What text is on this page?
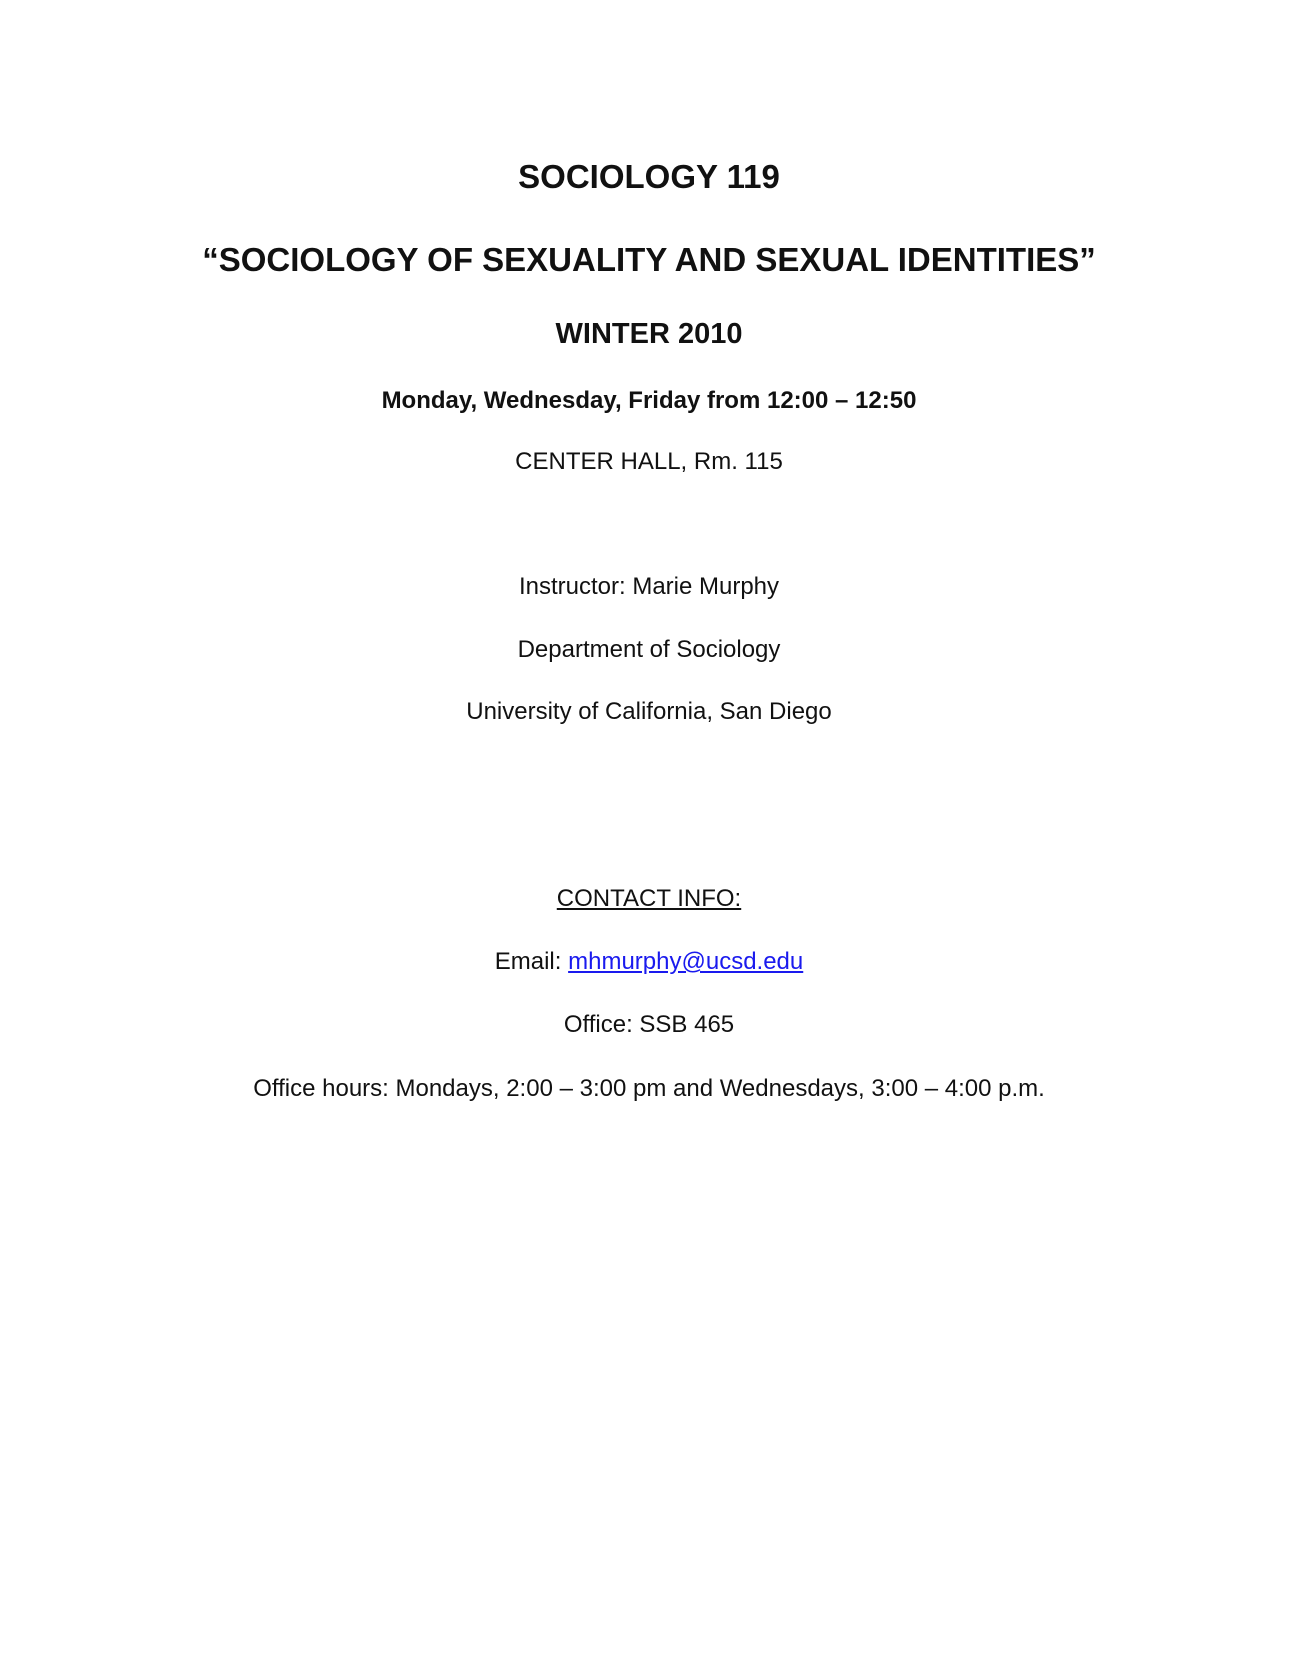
SOCIOLOGY 119
“SOCIOLOGY OF SEXUALITY AND SEXUAL IDENTITIES”
WINTER 2010
Monday, Wednesday, Friday from 12:00 – 12:50
CENTER HALL, Rm. 115
Instructor: Marie Murphy
Department of Sociology
University of California, San Diego
CONTACT INFO:
Email: mhmurphy@ucsd.edu
Office: SSB 465
Office hours: Mondays, 2:00 – 3:00 pm and Wednesdays, 3:00 – 4:00 p.m.
